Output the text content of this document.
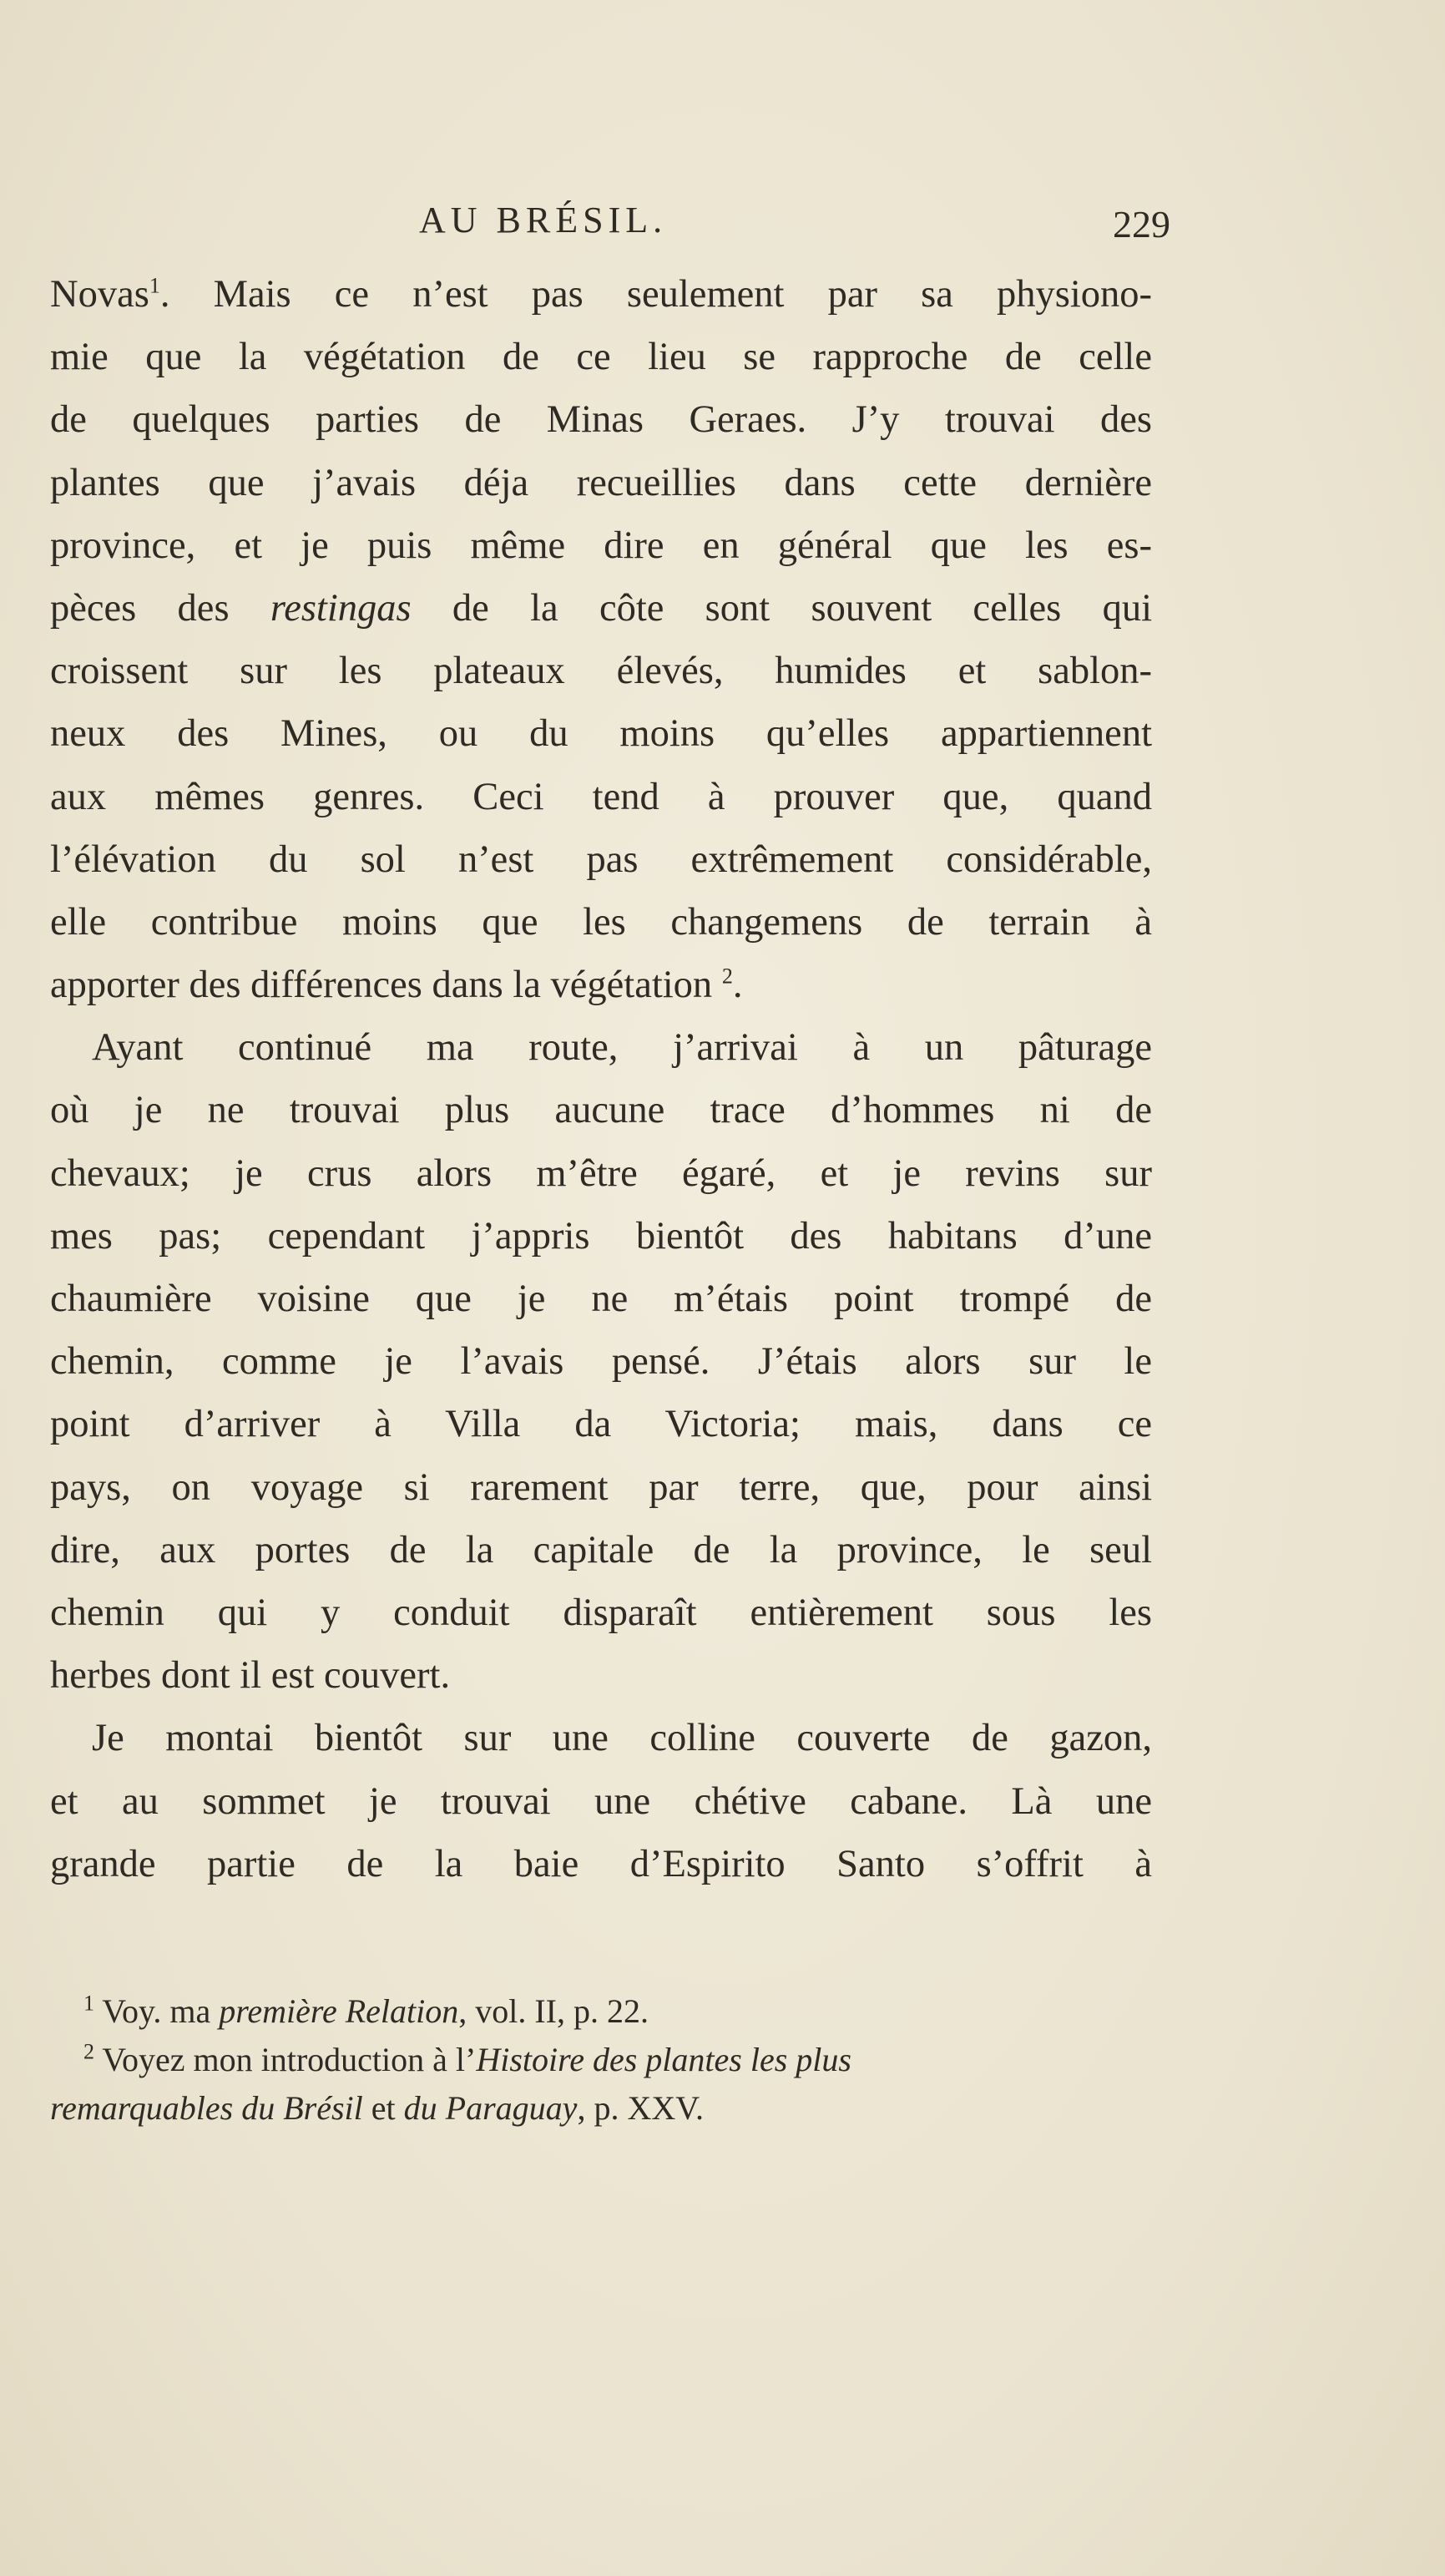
AU BRÉSIL.	229
Novas$^1$. Mais ce n’est pas seulement par sa physiono-
mie que la végétation de ce lieu se rapproche de celle
de quelques parties de Minas Geraes. J’y trouvai des
plantes que j’avais déja recueillies dans cette dernière
province, et je puis même dire en général que les es-
pèces des restingas de la côte sont souvent celles qui
croissent sur les plateaux élevés, humides et sablon-
neux des Mines, ou du moins qu’elles appartiennent
aux mêmes genres. Ceci tend à prouver que, quand
l’élévation du sol n’est pas extrêmement considérable,
elle contribue moins que les changemens de terrain à
apporter des différences dans la végétation $^2$.
Ayant continué ma route, j’arrivai à un pâturage
où je ne trouvai plus aucune trace d’hommes ni de
chevaux; je crus alors m’être égaré, et je revins sur
mes pas; cependant j’appris bientôt des habitans d’une
chaumière voisine que je ne m’étais point trompé de
chemin, comme je l’avais pensé. J’étais alors sur le
point d’arriver à Villa da Victoria; mais, dans ce
pays, on voyage si rarement par terre, que, pour ainsi
dire, aux portes de la capitale de la province, le seul
chemin qui y conduit disparaît entièrement sous les
herbes dont il est couvert.
Je montai bientôt sur une colline couverte de gazon,
et au sommet je trouvai une chétive cabane. Là une
grande partie de la baie d’Espirito Santo s’offrit à
$^1$ Voy. ma première Relation, vol. II, p. 22.
$^2$ Voyez mon introduction à l’Histoire des plantes les plus
remarquables du Brésil et du Paraguay, p. XXV.
